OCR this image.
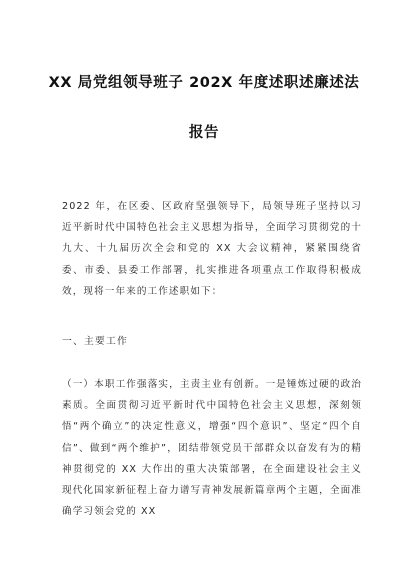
XX 局党组领导班子 202X 年度述职述廉述法
报告
2022 年，在区委、区政府坚强领导下，局领导班子坚持以习近平新时代中国特色社会主义思想为指导，全面学习贯彻党的十九大、十九届历次全会和党的 XX 大会议精神，紧紧围绕省委、市委、县委工作部署，扎实推进各项重点工作取得积极成效，现将一年来的工作述职如下：
一、主要工作
（一）本职工作强落实，主责主业有创新。一是锤炼过硬的政治素质。全面贯彻习近平新时代中国特色社会主义思想，深刻领悟“两个确立”的决定性意义，增强“四个意识”、坚定“四个自信”、做到“两个维护”，团结带领党员干部群众以奋发有为的精神贯彻党的 XX 大作出的重大决策部署，在全面建设社会主义现代化国家新征程上奋力谱写青神发展新篇章两个主题，全面准确学习领会党的 XX
